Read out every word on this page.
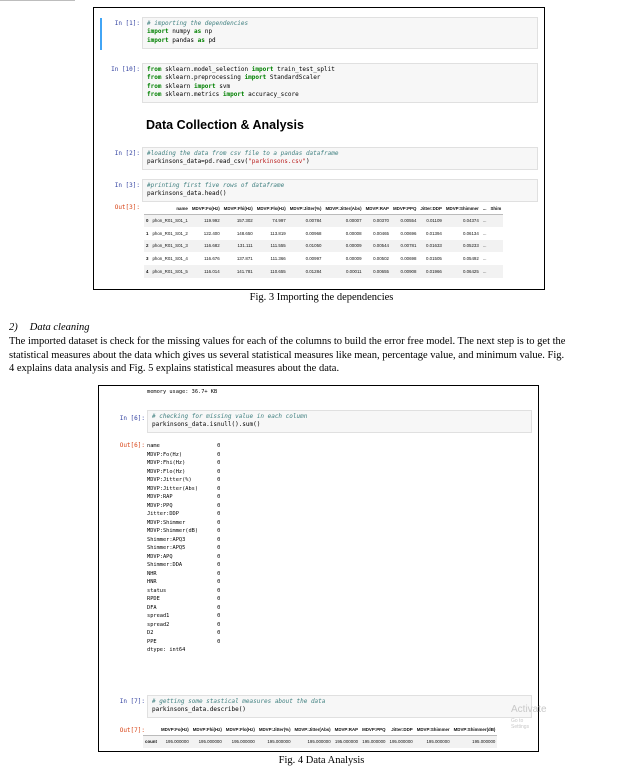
In [1]: # importing the dependencies
import numpy as np
import pandas as pd
In [10]: from sklearn.model_selection import train_test_split
from sklearn.preprocessing import StandardScaler
from sklearn import svm
from sklearn.metrics import accuracy_score
Data Collection & Analysis
In [2]: #loading the data from csv file to a pandas dataframe
parkinsons_data=pd.read_csv("parkinsons.csv")
In [3]: #printing first five rows of dataframe
parkinsons_data.head()
Out[3]:
		name	MDVP:Fo(Hz)	MDVP:Fhi(Hz)	MDVP:Flo(Hz)	MDVP:Jitter(%)	MDVP:Jitter(Abs)	MDVP:RAP	MDVP:PPQ	Jitter:DDP	MDVP:Shimmer	...	Shim
0	phon_R01_S01_1	119.992	157.302	74.997	0.00784	0.00007	0.00370	0.00554	0.01109	0.04374	...	
1	phon_R01_S01_2	122.400	148.650	113.819	0.00968	0.00008	0.00465	0.00696	0.01394	0.06134	...	
2	phon_R01_S01_3	116.682	131.111	111.555	0.01050	0.00009	0.00544	0.00781	0.01633	0.05233	...	
3	phon_R01_S01_4	116.676	137.871	111.366	0.00997	0.00009	0.00502	0.00698	0.01505	0.05492	...	
4	phon_R01_S01_5	116.014	141.781	110.655	0.01284	0.00011	0.00655	0.00908	0.01966	0.06425	...	
Fig. 3 Importing the dependencies
2) Data cleaning
The imported dataset is check for the missing values for each of the columns to build the error free model. The next step is to get the
statistical measures about the data which gives us several statistical measures like mean, percentage value, and minimum value. Fig.
4 explains data analysis and Fig. 5 explains statistical measures about the data.
memory usage: 36.7+ KB
In [6]: # checking for missing value in each column
parkinsons_data.isnull().sum()
Out[6]: name                  0
MDVP:Fo(Hz)           0
MDVP:Fhi(Hz)          0
MDVP:Flo(Hz)          0
MDVP:Jitter(%)        0
MDVP:Jitter(Abs)      0
MDVP:RAP              0
MDVP:PPQ              0
Jitter:DDP            0
MDVP:Shimmer          0
MDVP:Shimmer(dB)      0
Shimmer:APQ3          0
Shimmer:APQ5          0
MDVP:APQ              0
Shimmer:DDA           0
NHR                   0
HNR                   0
status                0
RPDE                  0
DFA                   0
spread1               0
spread2               0
D2                    0
PPE                   0
dtype: int64
In [7]: # getting some stastical measures about the data
parkinsons_data.describe()
Out[7]:
		MDVP:Fo(Hz)	MDVP:Fhi(Hz)	MDVP:Flo(Hz)	MDVP:Jitter(%)	MDVP:Jitter(Abs)	MDVP:RAP	MDVP:PPQ	Jitter:DDP	MDVP:Shimmer	MDVP:Shimmer(dB)
count	195.000000	195.000000	195.000000	195.000000	195.000000	195.000000	195.000000	195.000000	195.000000	195.000000
Activate
Go to Settings
Fig. 4 Data Analysis
